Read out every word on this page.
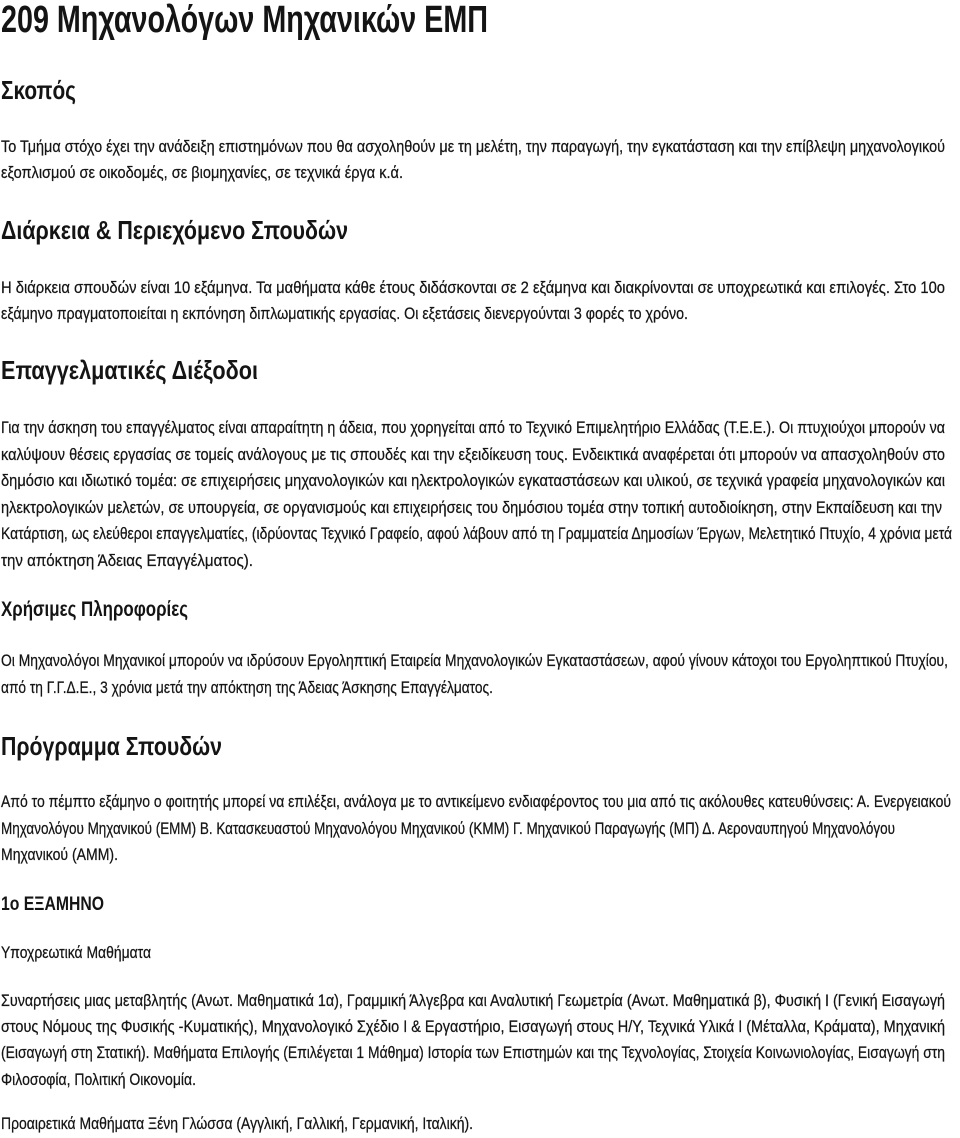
209 Μηχανολόγων Μηχανικών ΕΜΠ
Σκοπός
Το Τμήμα στόχο έχει την ανάδειξη επιστημόνων που θα ασχοληθούν με τη μελέτη, την παραγωγή, την εγκατάσταση και την επίβλεψη μηχανολογικού
εξοπλισμού σε οικοδομές, σε βιομηχανίες, σε τεχνικά έργα κ.ά.
Διάρκεια & Περιεχόμενο Σπουδών
Η διάρκεια σπουδών είναι 10 εξάμηνα. Τα μαθήματα κάθε έτους διδάσκονται σε 2 εξάμηνα και διακρίνονται σε υποχρεωτικά και επιλογές. Στο 10ο
εξάμηνο πραγματοποιείται η εκπόνηση διπλωματικής εργασίας. Οι εξετάσεις διενεργούνται 3 φορές το χρόνο.
Επαγγελματικές Διέξοδοι
Για την άσκηση του επαγγέλματος είναι απαραίτητη η άδεια, που χορηγείται από το Τεχνικό Επιμελητήριο Ελλάδας (Τ.Ε.Ε.). Οι πτυχιούχοι μπορούν να
καλύψουν θέσεις εργασίας σε τομείς ανάλογους με τις σπουδές και την εξειδίκευση τους. Ενδεικτικά αναφέρεται ότι μπορούν να απασχοληθούν στο
δημόσιο και ιδιωτικό τομέα: σε επιχειρήσεις μηχανολογικών και ηλεκτρολογικών εγκαταστάσεων και υλικού, σε τεχνικά γραφεία μηχανολογικών και
ηλεκτρολογικών μελετών, σε υπουργεία, σε οργανισμούς και επιχειρήσεις του δημόσιου τομέα στην τοπική αυτοδιοίκηση, στην Εκπαίδευση και την
Κατάρτιση, ως ελεύθεροι επαγγελματίες, (ιδρύοντας Τεχνικό Γραφείο, αφού λάβουν από τη Γραμματεία Δημοσίων Έργων, Μελετητικό Πτυχίο, 4 χρόνια μετά
την απόκτηση Άδειας Επαγγέλματος).
Χρήσιμες Πληροφορίες
Οι Μηχανολόγοι Μηχανικοί μπορούν να ιδρύσουν Εργοληπτική Εταιρεία Μηχανολογικών Εγκαταστάσεων, αφού γίνουν κάτοχοι του Εργοληπτικού Πτυχίου,
από τη Γ.Γ.Δ.Ε., 3 χρόνια μετά την απόκτηση της Άδειας Άσκησης Επαγγέλματος.
Πρόγραμμα Σπουδών
Από το πέμπτο εξάμηνο ο φοιτητής μπορεί να επιλέξει, ανάλογα με το αντικείμενο ενδιαφέροντος του μια από τις ακόλουθες κατευθύνσεις: Α. Ενεργειακού
Μηχανολόγου Μηχανικού (ΕΜΜ) Β. Κατασκευαστού Μηχανολόγου Μηχανικού (ΚΜΜ) Γ. Μηχανικού Παραγωγής (ΜΠ) Δ. Αεροναυπηγού Μηχανολόγου
Μηχανικού (ΑΜΜ).
1ο ΕΞΑΜΗΝΟ
Υποχρεωτικά Μαθήματα
Συναρτήσεις μιας μεταβλητής (Ανωτ. Μαθηματικά 1α), Γραμμική Άλγεβρα και Αναλυτική Γεωμετρία (Ανωτ. Μαθηματικά β), Φυσική Ι (Γενική Εισαγωγή
στους Νόμους της Φυσικής -Κυματικής), Μηχανολογικό Σχέδιο Ι & Εργαστήριο, Εισαγωγή στους Η/Υ, Τεχνικά Υλικά Ι (Μέταλλα, Κράματα), Μηχανική
(Εισαγωγή στη Στατική). Μαθήματα Επιλογής (Επιλέγεται 1 Μάθημα) Ιστορία των Επιστημών και της Τεχνολογίας, Στοιχεία Κοινωνιολογίας, Εισαγωγή στη
Φιλοσοφία, Πολιτική Οικονομία.
Προαιρετικά Μαθήματα Ξένη Γλώσσα (Αγγλική, Γαλλική, Γερμανική, Ιταλική).
